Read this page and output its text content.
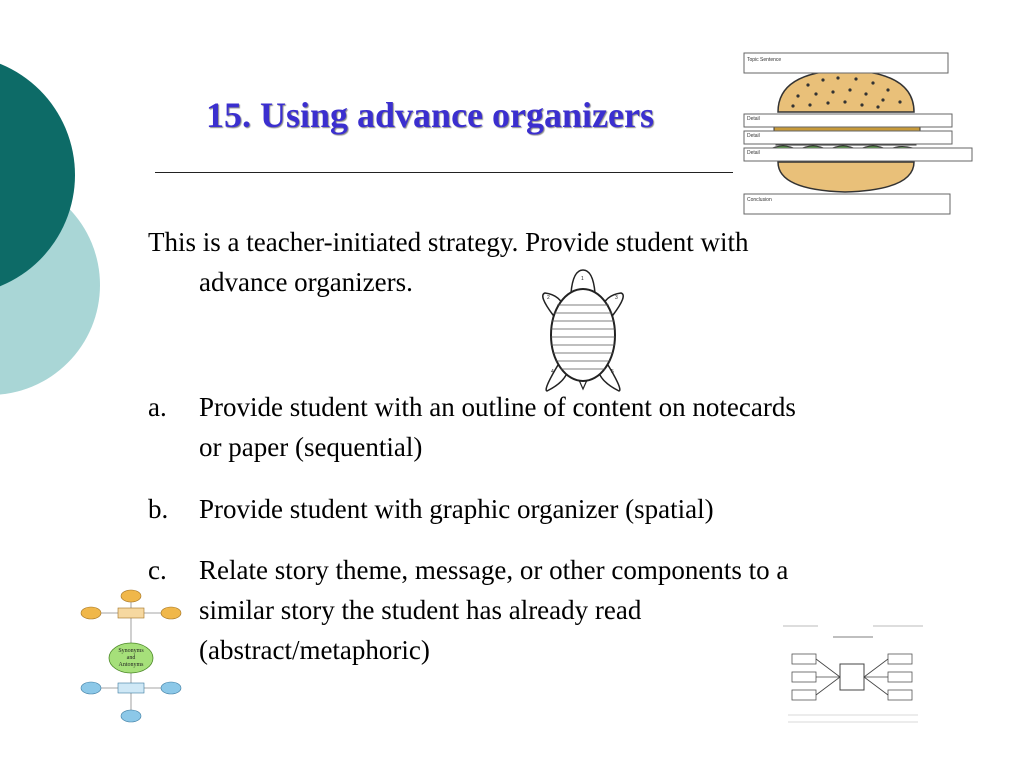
15. Using advance organizers
Topic Sentence
Detail
Detail
Detail
Conclusion
1
2	3
4	5
This is a teacher-initiated strategy. Provide student with
advance organizers.
a. Provide student with an outline of content on notecards
or paper (sequential)
b. Provide student with graphic organizer (spatial)
c. Relate story theme, message, or other components to a
similar story the student has already read
(abstract/metaphoric)
Synonyms
and
Antonyms
